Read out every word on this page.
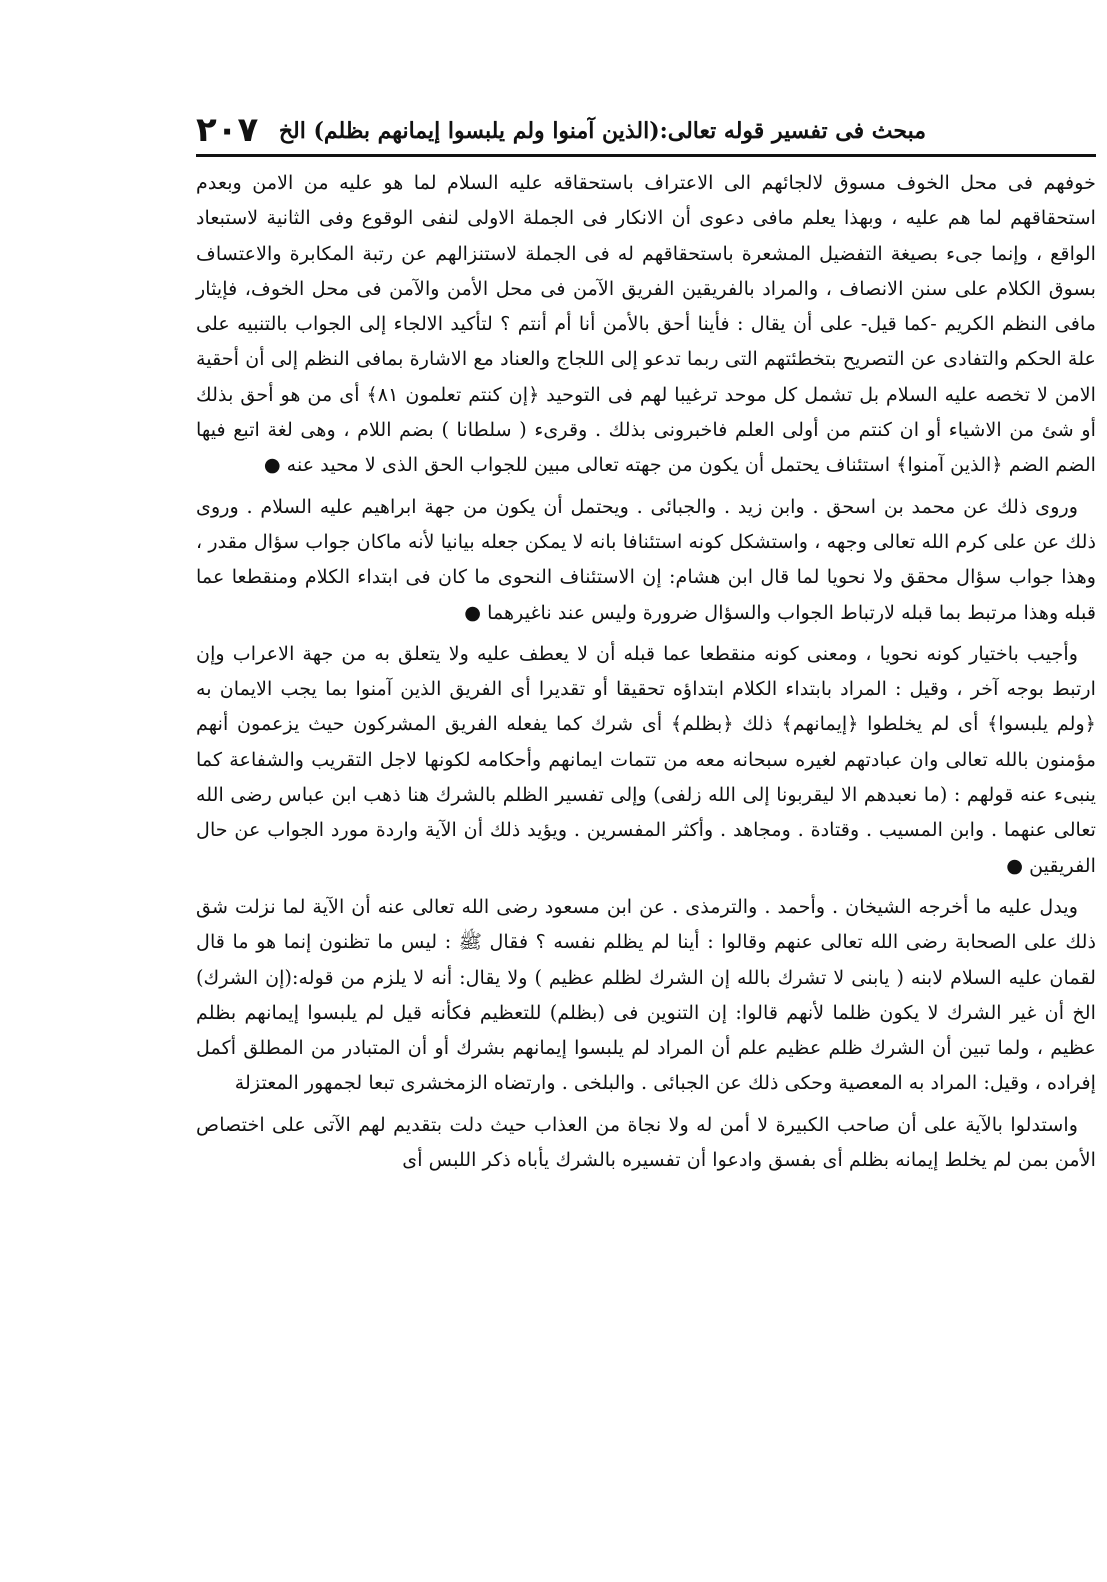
٢٠٧ مبحث فى تفسير قوله تعالى:(الذين آمنوا ولم يلبسوا إيمانهم بظلم) الخ

خوفهم فى محل الخوف مسوق لالجائهم الى الاعتراف باستحقاقه عليه السلام لما هو عليه من الامن وبعدم استحقاقهم لما هم عليه ، وبهذا يعلم مافى دعوى أن الانكار فى الجملة الاولى لنفى الوقوع وفى الثانية لاستبعاد الواقع ، وإنما جىء بصيغة التفضيل المشعرة باستحقاقهم له فى الجملة لاستنزالهم عن رتبة المكابرة والاعتساف بسوق الكلام على سنن الانصاف ، والمراد بالفريقين الفريق الآمن فى محل الأمن والآمن فى محل الخوف، فإيثار مافى النظم الكريم -كما قيل- على أن يقال : فأينا أحق بالأمن أنا أم أنتم ؟ لتأكيد الالجاء إلى الجواب بالتنبيه على علة الحكم والتفادى عن التصريح بتخطئتهم التى ربما تدعو إلى اللجاج والعناد مع الاشارة بمافى النظم إلى أن أحقية الامن لا تخصه عليه السلام بل تشمل كل موحد ترغيبا لهم فى التوحيد ﴿إن كنتم تعلمون ٨١﴾ أى من هو أحق بذلك أو شئ من الاشياء أو ان كنتم من أولى العلم فاخبرونى بذلك . وقرىء ( سلطانا ) بضم اللام ، وهى لغة اتبع فيها الضم الضم ﴿الذين آمنوا﴾ استئناف يحتمل أن يكون من جهته تعالى مبين للجواب الحق الذى لا محيد عنه ●

وروى ذلك عن محمد بن اسحق . وابن زيد . والجبائى . ويحتمل أن يكون من جهة ابراهيم عليه السلام . وروى ذلك عن على كرم الله تعالى وجهه ، واستشكل كونه استئنافا بانه لا يمكن جعله بيانيا لأنه ماكان جواب سؤال مقدر ، وهذا جواب سؤال محقق ولا نحويا لما قال ابن هشام: إن الاستئناف النحوى ما كان فى ابتداء الكلام ومنقطعا عما قبله وهذا مرتبط بما قبله لارتباط الجواب والسؤال ضرورة وليس عند ناغيرهما ●

وأجيب باختيار كونه نحويا ، ومعنى كونه منقطعا عما قبله أن لا يعطف عليه ولا يتعلق به من جهة الاعراب وإن ارتبط بوجه آخر ، وقيل : المراد بابتداء الكلام ابتداؤه تحقيقا أو تقديرا أى الفريق الذين آمنوا بما يجب الايمان به ﴿ولم يلبسوا﴾ أى لم يخلطوا ﴿إيمانهم﴾ ذلك ﴿بظلم﴾ أى شرك كما يفعله الفريق المشركون حيث يزعمون أنهم مؤمنون بالله تعالى وان عبادتهم لغيره سبحانه معه من تتمات ايمانهم وأحكامه لكونها لاجل التقريب والشفاعة كما ينبىء عنه قولهم : (ما نعبدهم الا ليقربونا إلى الله زلفى) وإلى تفسير الظلم بالشرك هنا ذهب ابن عباس رضى الله تعالى عنهما . وابن المسيب . وقتادة . ومجاهد . وأكثر المفسرين . ويؤيد ذلك أن الآية واردة مورد الجواب عن حال الفريقين ●

ويدل عليه ما أخرجه الشيخان . وأحمد . والترمذى . عن ابن مسعود رضى الله تعالى عنه أن الآية لما نزلت شق ذلك على الصحابة رضى الله تعالى عنهم وقالوا : أينا لم يظلم نفسه ؟ فقال ﷺ : ليس ما تظنون إنما هو ما قال لقمان عليه السلام لابنه ( يابنى لا تشرك بالله إن الشرك لظلم عظيم ) ولا يقال: أنه لا يلزم من قوله:(إن الشرك) الخ أن غير الشرك لا يكون ظلما لأنهم قالوا: إن التنوين فى (بظلم) للتعظيم فكأنه قيل لم يلبسوا إيمانهم بظلم عظيم ، ولما تبين أن الشرك ظلم عظيم علم أن المراد لم يلبسوا إيمانهم بشرك أو أن المتبادر من المطلق أكمل إفراده ، وقيل: المراد به المعصية وحكى ذلك عن الجبائى . والبلخى . وارتضاه الزمخشرى تبعا لجمهور المعتزلة

واستدلوا بالآية على أن صاحب الكبيرة لا أمن له ولا نجاة من العذاب حيث دلت بتقديم لهم الآتى على اختصاص الأمن بمن لم يخلط إيمانه بظلم أى بفسق وادعوا أن تفسيره بالشرك يأباه ذكر اللبس أى
